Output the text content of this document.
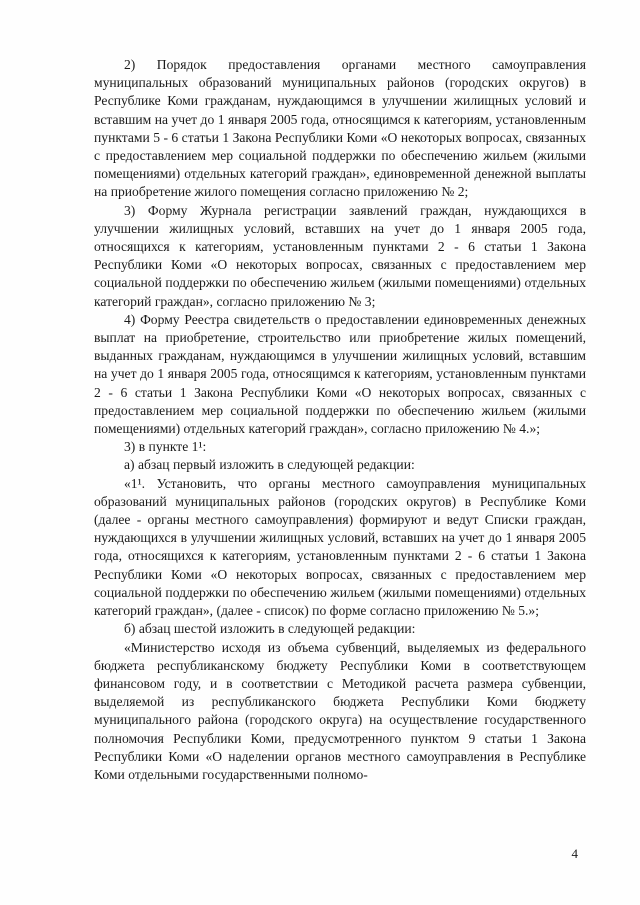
2) Порядок предоставления органами местного самоуправления муниципальных образований муниципальных районов (городских округов) в Республике Коми гражданам, нуждающимся в улучшении жилищных условий и вставшим на учет до 1 января 2005 года, относящимся к категориям, установленным пунктами 5 - 6 статьи 1 Закона Республики Коми «О некоторых вопросах, связанных с предоставлением мер социальной поддержки по обеспечению жильем (жилыми помещениями) отдельных категорий граждан», единовременной денежной выплаты на приобретение жилого помещения согласно приложению № 2;

3) Форму Журнала регистрации заявлений граждан, нуждающихся в улучшении жилищных условий, вставших на учет до 1 января 2005 года, относящихся к категориям, установленным пунктами 2 - 6 статьи 1 Закона Республики Коми «О некоторых вопросах, связанных с предоставлением мер социальной поддержки по обеспечению жильем (жилыми помещениями) отдельных категорий граждан», согласно приложению № 3;

4) Форму Реестра свидетельств о предоставлении единовременных денежных выплат на приобретение, строительство или приобретение жилых помещений, выданных гражданам, нуждающимся в улучшении жилищных условий, вставшим на учет до 1 января 2005 года, относящимся к категориям, установленным пунктами 2 - 6 статьи 1 Закона Республики Коми «О некоторых вопросах, связанных с предоставлением мер социальной поддержки по обеспечению жильем (жилыми помещениями) отдельных категорий граждан», согласно приложению № 4.»;

3) в пункте 1¹:

а) абзац первый изложить в следующей редакции:

«1¹. Установить, что органы местного самоуправления муниципальных образований муниципальных районов (городских округов) в Республике Коми (далее - органы местного самоуправления) формируют и ведут Списки граждан, нуждающихся в улучшении жилищных условий, вставших на учет до 1 января 2005 года, относящихся к категориям, установленным пунктами 2 - 6 статьи 1 Закона Республики Коми «О некоторых вопросах, связанных с предоставлением мер социальной поддержки по обеспечению жильем (жилыми помещениями) отдельных категорий граждан», (далее - список) по форме согласно приложению № 5.»;

б) абзац шестой изложить в следующей редакции:

«Министерство исходя из объема субвенций, выделяемых из федерального бюджета республиканскому бюджету Республики Коми в соответствующем финансовом году, и в соответствии с Методикой расчета размера субвенции, выделяемой из республиканского бюджета Республики Коми бюджету муниципального района (городского округа) на осуществление государственного полномочия Республики Коми, предусмотренного пунктом 9 статьи 1 Закона Республики Коми «О наделении органов местного самоуправления в Республике Коми отдельными государственными полномо-

4
